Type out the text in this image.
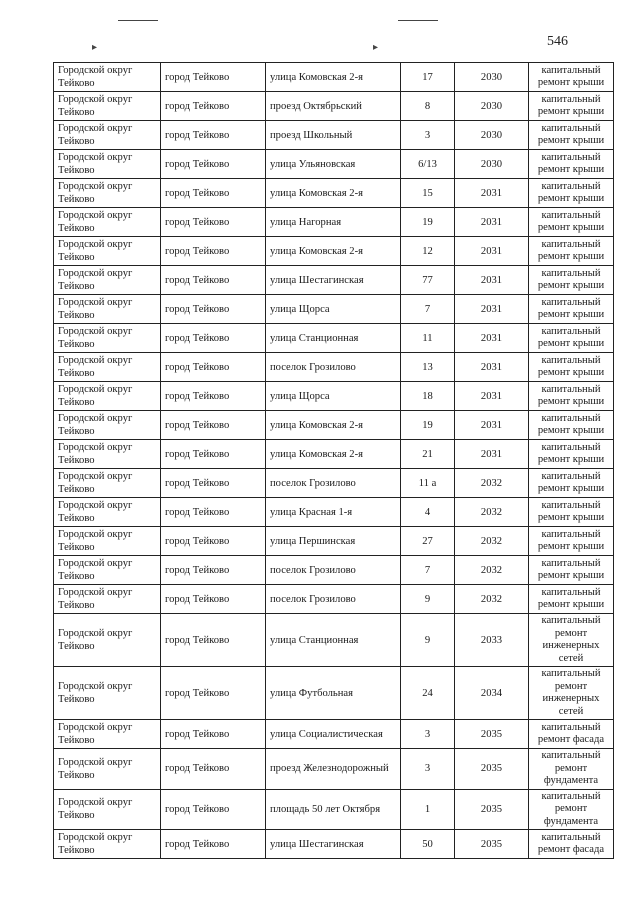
▸	▸	546
Городской округ Тейково	город Тейково	улица Комовская 2-я	17	2030	капитальный ремонт крыши
Городской округ Тейково	город Тейково	проезд Октябрьский	8	2030	капитальный ремонт крыши
Городской округ Тейково	город Тейково	проезд Школьный	3	2030	капитальный ремонт крыши
Городской округ Тейково	город Тейково	улица Ульяновская	6/13	2030	капитальный ремонт крыши
Городской округ Тейково	город Тейково	улица Комовская 2-я	15	2031	капитальный ремонт крыши
Городской округ Тейково	город Тейково	улица Нагорная	19	2031	капитальный ремонт крыши
Городской округ Тейково	город Тейково	улица Комовская 2-я	12	2031	капитальный ремонт крыши
Городской округ Тейково	город Тейково	улица Шестагинская	77	2031	капитальный ремонт крыши
Городской округ Тейково	город Тейково	улица Щорса	7	2031	капитальный ремонт крыши
Городской округ Тейково	город Тейково	улица Станционная	11	2031	капитальный ремонт крыши
Городской округ Тейково	город Тейково	поселок Грозилово	13	2031	капитальный ремонт крыши
Городской округ Тейково	город Тейково	улица Щорса	18	2031	капитальный ремонт крыши
Городской округ Тейково	город Тейково	улица Комовская 2-я	19	2031	капитальный ремонт крыши
Городской округ Тейково	город Тейково	улица Комовская 2-я	21	2031	капитальный ремонт крыши
Городской округ Тейково	город Тейково	поселок Грозилово	11 а	2032	капитальный ремонт крыши
Городской округ Тейково	город Тейково	улица Красная 1-я	4	2032	капитальный ремонт крыши
Городской округ Тейково	город Тейково	улица Першинская	27	2032	капитальный ремонт крыши
Городской округ Тейково	город Тейково	поселок Грозилово	7	2032	капитальный ремонт крыши
Городской округ Тейково	город Тейково	поселок Грозилово	9	2032	капитальный ремонт крыши
Городской округ Тейково	город Тейково	улица Станционная	9	2033	капитальный ремонт инженерных сетей
Городской округ Тейково	город Тейково	улица Футбольная	24	2034	капитальный ремонт инженерных сетей
Городской округ Тейково	город Тейково	улица Социалистическая	3	2035	капитальный ремонт фасада
Городской округ Тейково	город Тейково	проезд Железнодорожный	3	2035	капитальный ремонт фундамента
Городской округ Тейково	город Тейково	площадь 50 лет Октября	1	2035	капитальный ремонт фундамента
Городской округ Тейково	город Тейково	улица Шестагинская	50	2035	капитальный ремонт фасада
